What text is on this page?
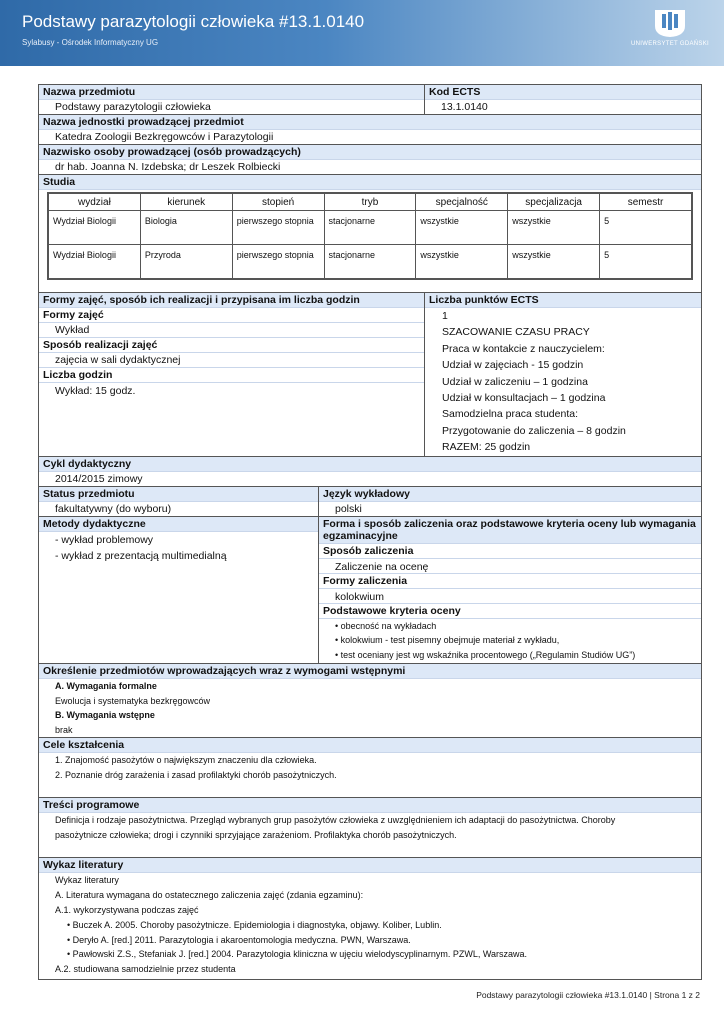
Podstawy parazytologii człowieka #13.1.0140
Sylabusy - Ośrodek Informatyczny UG	UNIWERSYTET GDAŃSKI
Nazwa przedmiotu
Podstawy parazytologii człowieka
Kod ECTS
13.1.0140
Nazwa jednostki prowadzącej przedmiot
Katedra Zoologii Bezkręgowców i Parazytologii
Nazwisko osoby prowadzącej (osób prowadzących)
dr hab. Joanna N. Izdebska; dr Leszek Rolbiecki
Studia
wydział	kierunek	stopień	tryb	specjalność	specjalizacja	semestr
Wydział Biologii	Biologia	pierwszego stopnia	stacjonarne	wszystkie	wszystkie	5
Wydział Biologii	Przyroda	pierwszego stopnia	stacjonarne	wszystkie	wszystkie	5
Formy zajęć, sposób ich realizacji i przypisana im liczba godzin
Formy zajęć
Wykład
Sposób realizacji zajęć
zajęcia w sali dydaktycznej
Liczba godzin
Wykład: 15 godz.
Liczba punktów ECTS
1
SZACOWANIE CZASU PRACY
Praca w kontakcie z nauczycielem:
Udział w zajęciach - 15 godzin
Udział w zaliczeniu – 1 godzina
Udział w konsultacjach – 1 godzina
Samodzielna praca studenta:
Przygotowanie do zaliczenia – 8 godzin
RAZEM: 25 godzin
Cykl dydaktyczny
2014/2015 zimowy
Status przedmiotu
fakultatywny (do wyboru)
Język wykładowy
polski
Metody dydaktyczne
- wykład problemowy
- wykład z prezentacją multimedialną
Forma i sposób zaliczenia oraz podstawowe kryteria oceny lub wymagania egzaminacyjne
Sposób zaliczenia
Zaliczenie na ocenę
Formy zaliczenia
kolokwium
Podstawowe kryteria oceny
• obecność na wykładach
• kolokwium - test pisemny obejmuje materiał z wykładu,
• test oceniany jest wg wskaźnika procentowego („Regulamin Studiów UG”)
Określenie przedmiotów wprowadzających wraz z wymogami wstępnymi
A. Wymagania formalne
Ewolucja i systematyka bezkręgowców
B. Wymagania wstępne
brak
Cele kształcenia
1. Znajomość pasożytów o największym znaczeniu dla człowieka.
2. Poznanie dróg zarażenia i zasad profilaktyki chorób pasożytniczych.
Treści programowe
Definicja i rodzaje pasożytnictwa. Przegląd wybranych grup pasożytów człowieka z uwzględnieniem ich adaptacji do pasożytnictwa. Choroby
pasożytnicze człowieka; drogi i czynniki sprzyjające zarażeniom. Profilaktyka chorób pasożytniczych.
Wykaz literatury
Wykaz literatury
A. Literatura wymagana do ostatecznego zaliczenia zajęć (zdania egzaminu):
A.1. wykorzystywana podczas zajęć
• Buczek A. 2005. Choroby pasożytnicze. Epidemiologia i diagnostyka, objawy. Koliber, Lublin.
• Deryło A. [red.] 2011. Parazytologia i akaroentomologia medyczna. PWN, Warszawa.
• Pawłowski Z.S., Stefaniak J. [red.] 2004. Parazytologia kliniczna w ujęciu wielodyscyplinarnym. PZWL, Warszawa.
A.2. studiowana samodzielnie przez studenta
Podstawy parazytologii człowieka #13.1.0140 | Strona 1 z 2
